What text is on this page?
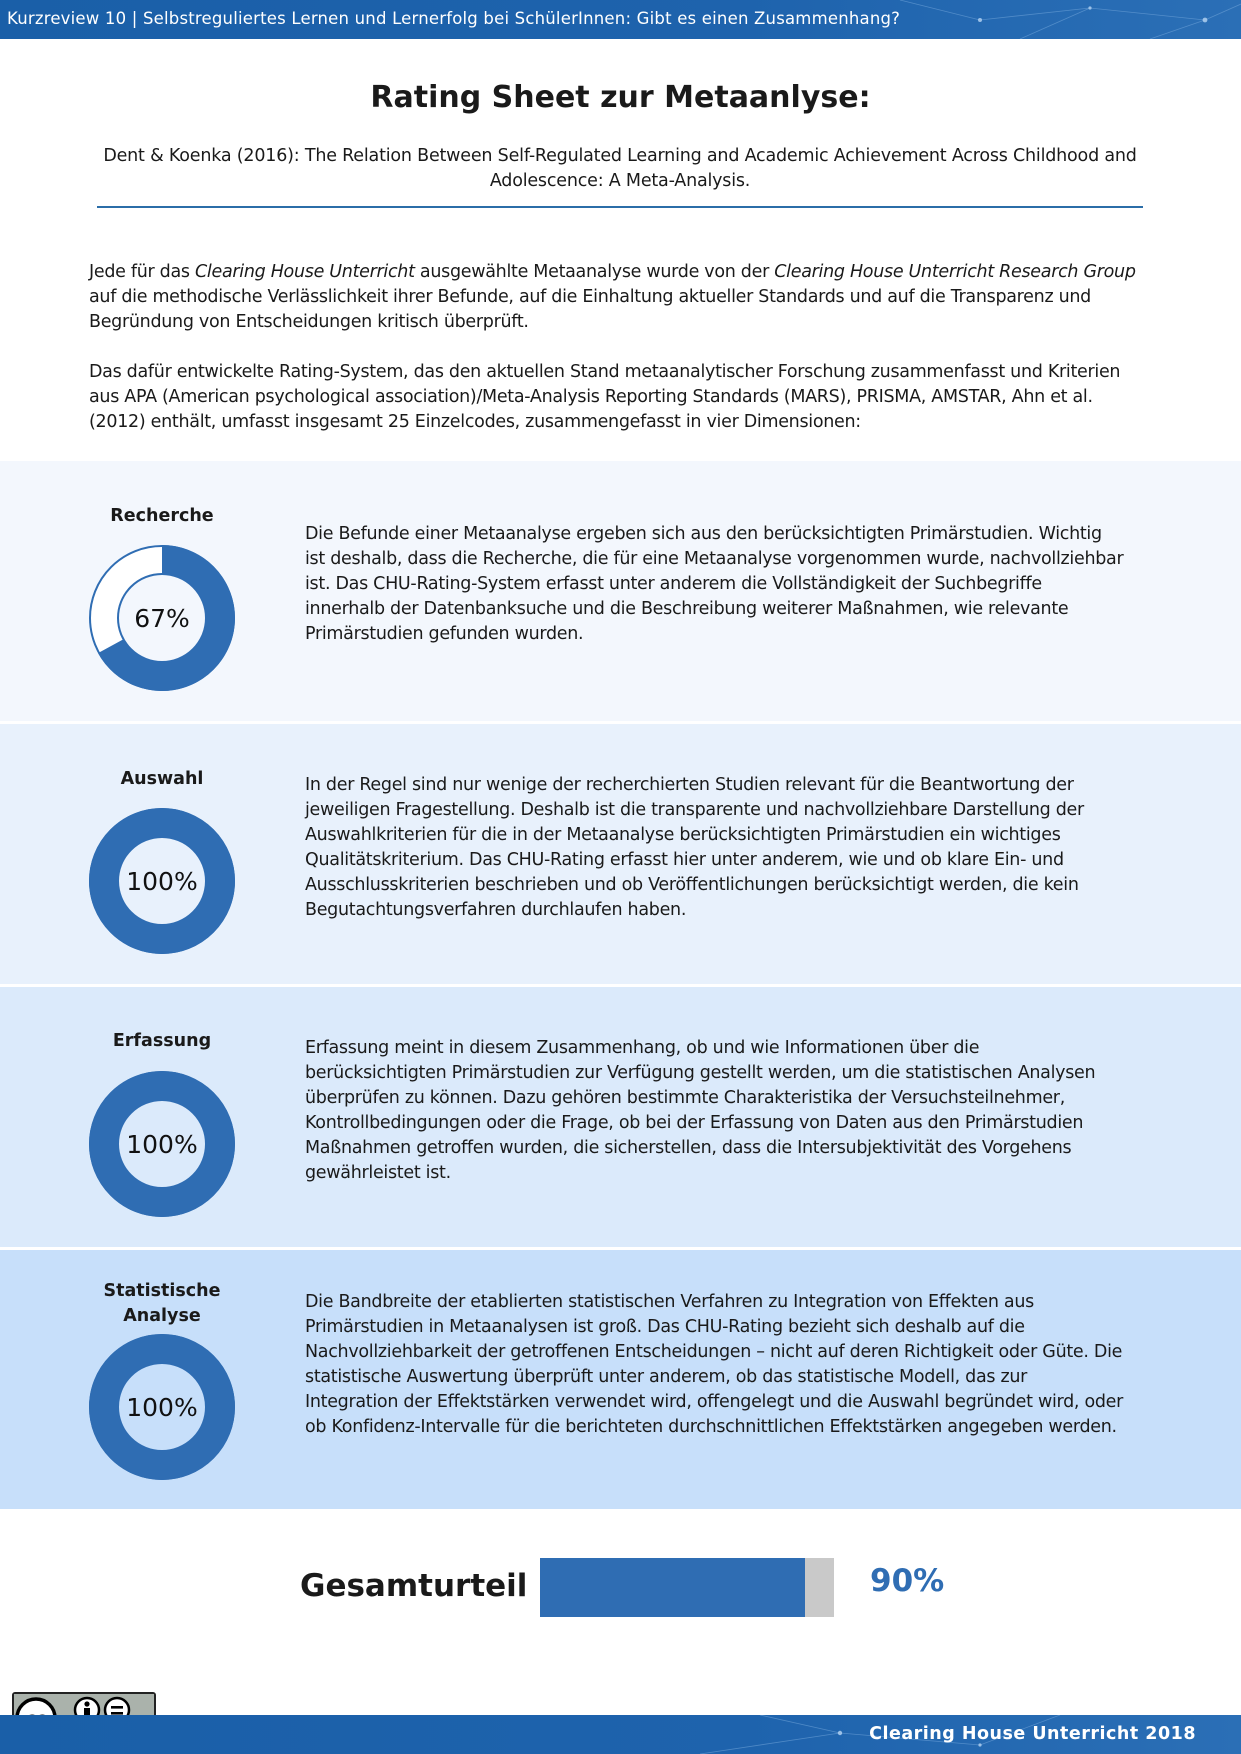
Kurzreview 10 | Selbstreguliertes Lernen und Lernerfolg bei SchülerInnen: Gibt es einen Zusammenhang?
Rating Sheet zur Metaanlyse:

Dent & Koenka (2016): The Relation Between Self-Regulated Learning and Academic Achievement Across Childhood and Adolescence: A Meta-Analysis.

Jede für das Clearing House Unterricht ausgewählte Metaanalyse wurde von der Clearing House Unterricht Research Group auf die methodische Verlässlichkeit ihrer Befunde, auf die Einhaltung aktueller Standards und auf die Transparenz und Begründung von Entscheidungen kritisch überprüft.

Das dafür entwickelte Rating-System, das den aktuellen Stand metaanalytischer Forschung zusammenfasst und Kriterien aus APA (American psychological association)/Meta-Analysis Reporting Standards (MARS), PRISMA, AMSTAR, Ahn et al. (2012) enthält, umfasst insgesamt 25 Einzelcodes, zusammengefasst in vier Dimensionen:

Recherche
67%

Die Befunde einer Metaanalyse ergeben sich aus den berücksichtigten Primärstudien. Wichtig ist deshalb, dass die Recherche, die für eine Metaanalyse vorgenommen wurde, nachvollziehbar ist. Das CHU-Rating-System erfasst unter anderem die Vollständigkeit der Suchbegriffe innerhalb der Datenbanksuche und die Beschreibung weiterer Maßnahmen, wie relevante Primärstudien gefunden wurden.

Auswahl
100%

In der Regel sind nur wenige der recherchierten Studien relevant für die Beantwortung der jeweiligen Fragestellung. Deshalb ist die transparente und nachvollziehbare Darstellung der Auswahlkriterien für die in der Metaanalyse berücksichtigten Primärstudien ein wichtiges Qualitätskriterium. Das CHU-Rating erfasst hier unter anderem, wie und ob klare Ein- und Ausschlusskriterien beschrieben und ob Veröffentlichungen berücksichtigt werden, die kein Begutachtungsverfahren durchlaufen haben.

Erfassung
100%

Erfassung meint in diesem Zusammenhang, ob und wie Informationen über die berücksichtigten Primärstudien zur Verfügung gestellt werden, um die statistischen Analysen überprüfen zu können. Dazu gehören bestimmte Charakteristika der Versuchsteilnehmer, Kontrollbedingungen oder die Frage, ob bei der Erfassung von Daten aus den Primärstudien Maßnahmen getroffen wurden, die sicherstellen, dass die Intersubjektivität des Vorgehens gewährleistet ist.

Statistische Analyse
100%

Die Bandbreite der etablierten statistischen Verfahren zu Integration von Effekten aus Primärstudien in Metaanalysen ist groß. Das CHU-Rating bezieht sich deshalb auf die Nachvollziehbarkeit der getroffenen Entscheidungen – nicht auf deren Richtigkeit oder Güte. Die statistische Auswertung überprüft unter anderem, ob das statistische Modell, das zur Integration der Effektstärken verwendet wird, offengelegt und die Auswahl begründet wird, oder ob Konfidenz-Intervalle für die berichteten durchschnittlichen Effektstärken angegeben werden.

Gesamturteil	90%
Clearing House Unterricht 2018
